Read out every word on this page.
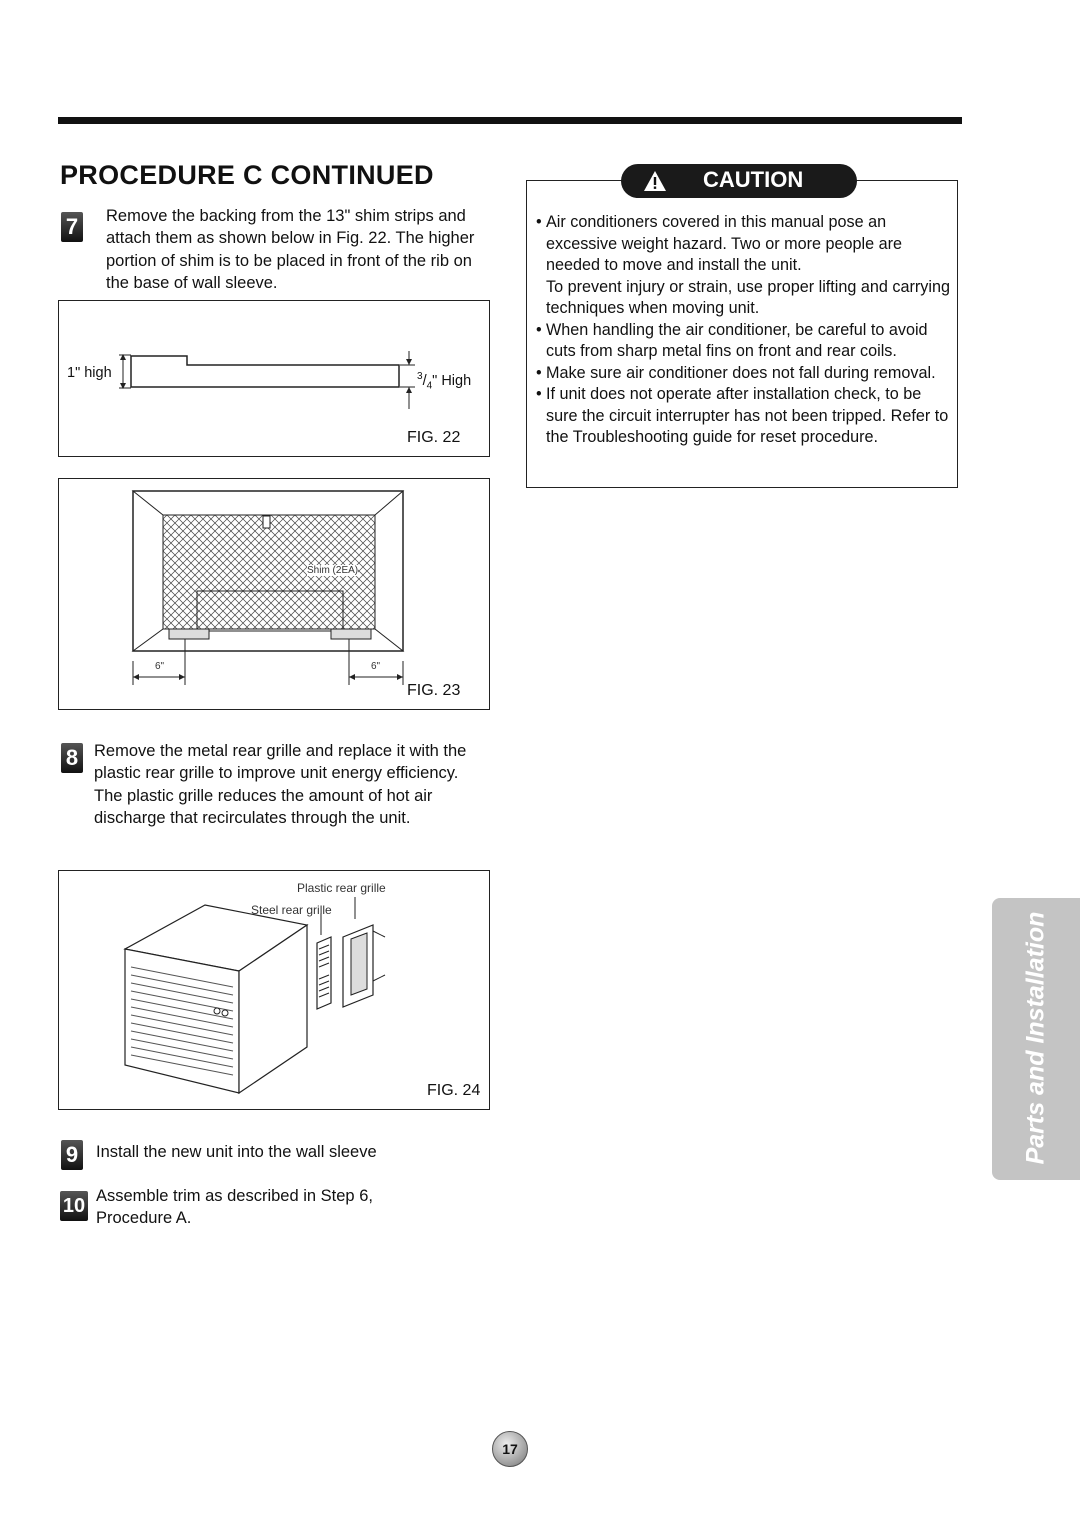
PROCEDURE C CONTINUED
7 Remove the backing from the 13" shim strips and attach them as shown below in Fig. 22. The higher portion of shim is to be placed in front of the rib on the base of wall sleeve.
1" high	$^3/_4$" High
FIG. 22
Shim (2EA)
6"	6"
FIG. 23
8 Remove the metal rear grille and replace it with the plastic rear grille to improve unit energy efficiency. The plastic grille reduces the amount of hot air discharge that recirculates through the unit.
Plastic rear grille
Steel rear grille
FIG. 24
9 Install the new unit into the wall sleeve
10 Assemble trim as described in Step 6, Procedure A.
CAUTION
• Air conditioners covered in this manual pose an excessive weight hazard. Two or more people are needed to move and install the unit.
To prevent injury or strain, use proper lifting and carrying techniques when moving unit.
• When handling the air conditioner, be careful to avoid cuts from sharp metal fins on front and rear coils.
• Make sure air conditioner does not fall during removal.
• If unit does not operate after installation check, to be sure the circuit interrupter has not been tripped. Refer to the Troubleshooting guide for reset procedure.
Parts and Installation
17
